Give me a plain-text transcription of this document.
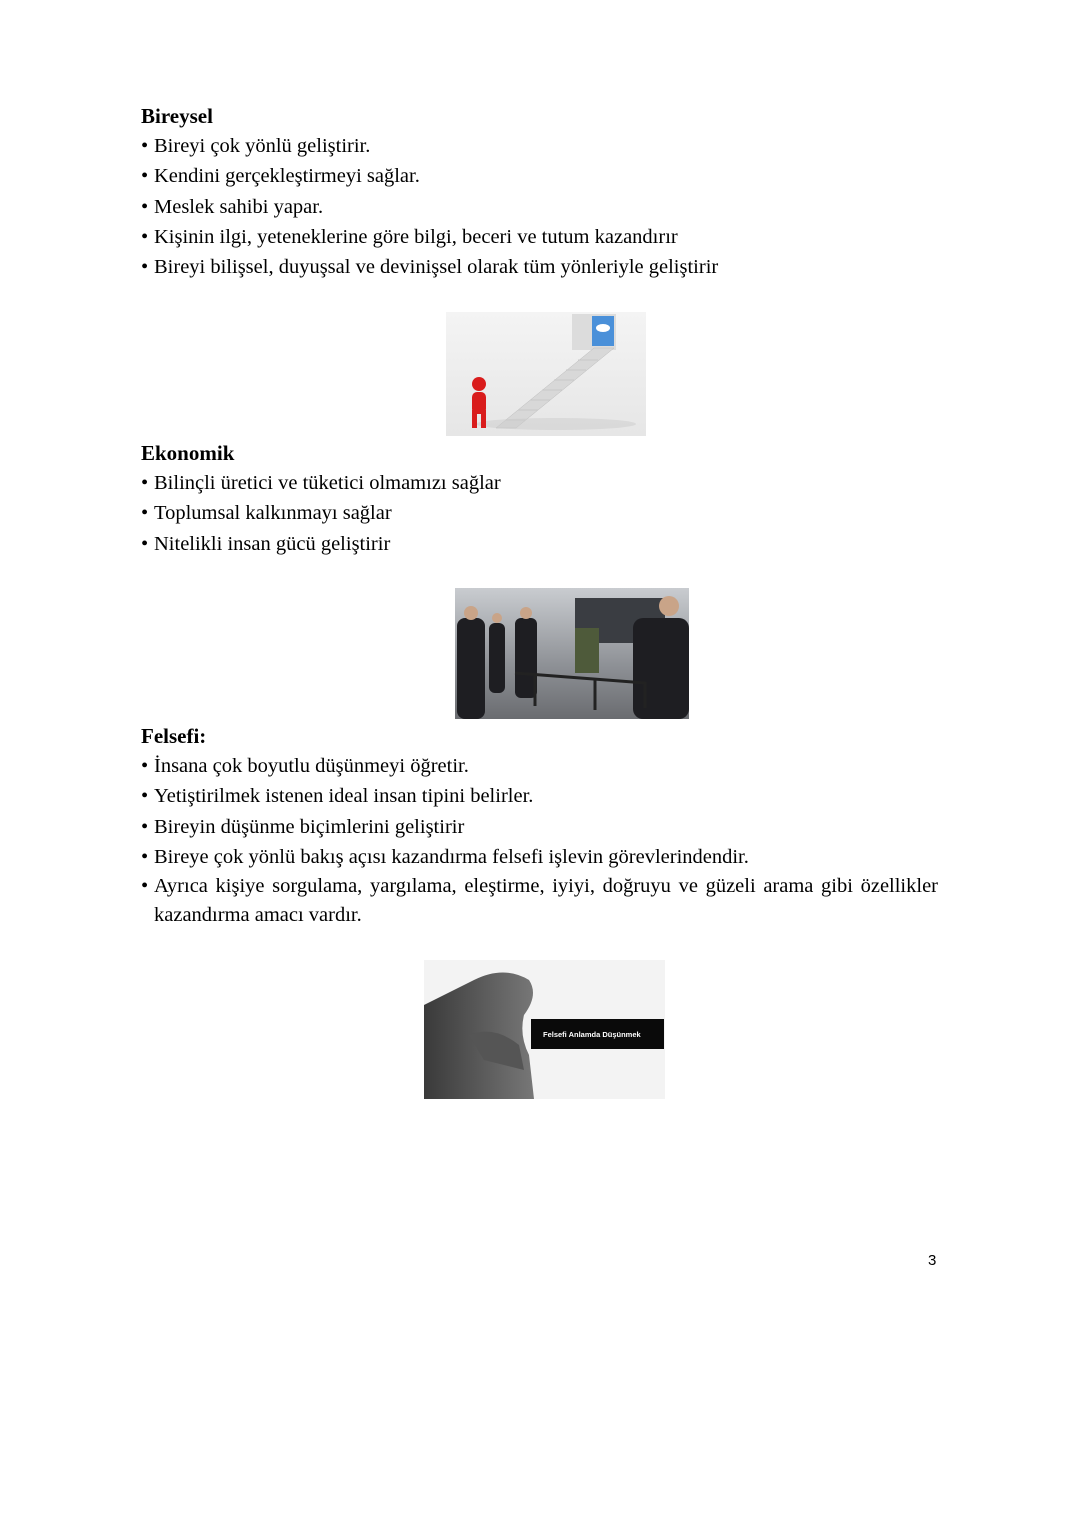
Bireysel
• Bireyi çok yönlü geliştirir.
• Kendini gerçekleştirmeyi sağlar.
• Meslek sahibi yapar.
• Kişinin ilgi, yeteneklerine göre bilgi, beceri ve tutum kazandırır
• Bireyi bilişsel, duyuşsal ve devinişsel olarak tüm yönleriyle geliştirir
Ekonomik
• Bilinçli üretici ve tüketici olmamızı sağlar
• Toplumsal kalkınmayı sağlar
• Nitelikli insan gücü geliştirir
Felsefi:
• İnsana çok boyutlu düşünmeyi öğretir.
• Yetiştirilmek istenen ideal insan tipini belirler.
• Bireyin düşünme biçimlerini geliştirir
• Bireye çok yönlü bakış açısı kazandırma felsefi işlevin görevlerindendir.
• Ayrıca kişiye sorgulama, yargılama, eleştirme, iyiyi, doğruyu ve güzeli arama gibi özellikler kazandırma amacı vardır.
Felsefi Anlamda Düşünmek
3
